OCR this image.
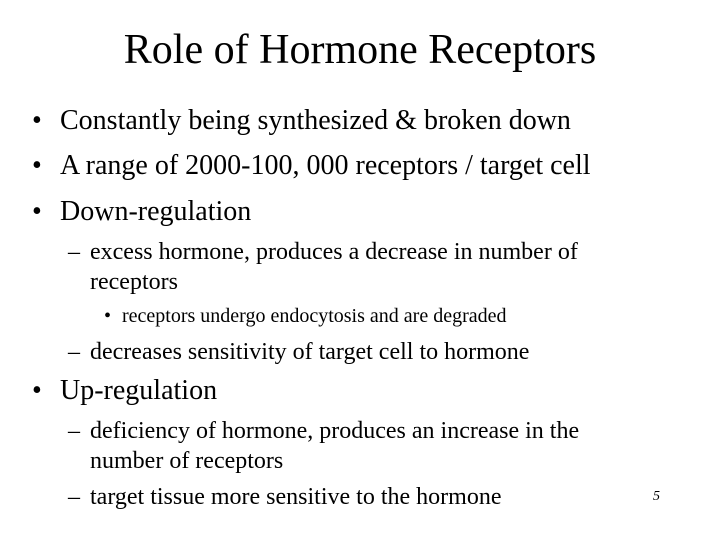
Role of Hormone Receptors
• Constantly being synthesized & broken down
• A range of 2000-100, 000 receptors / target cell
• Down-regulation
– excess hormone, produces a decrease in number of
receptors
• receptors undergo endocytosis and are degraded
– decreases sensitivity of target cell to hormone
• Up-regulation
– deficiency of hormone, produces an increase in the
number of receptors
– target tissue more sensitive to the hormone	5
